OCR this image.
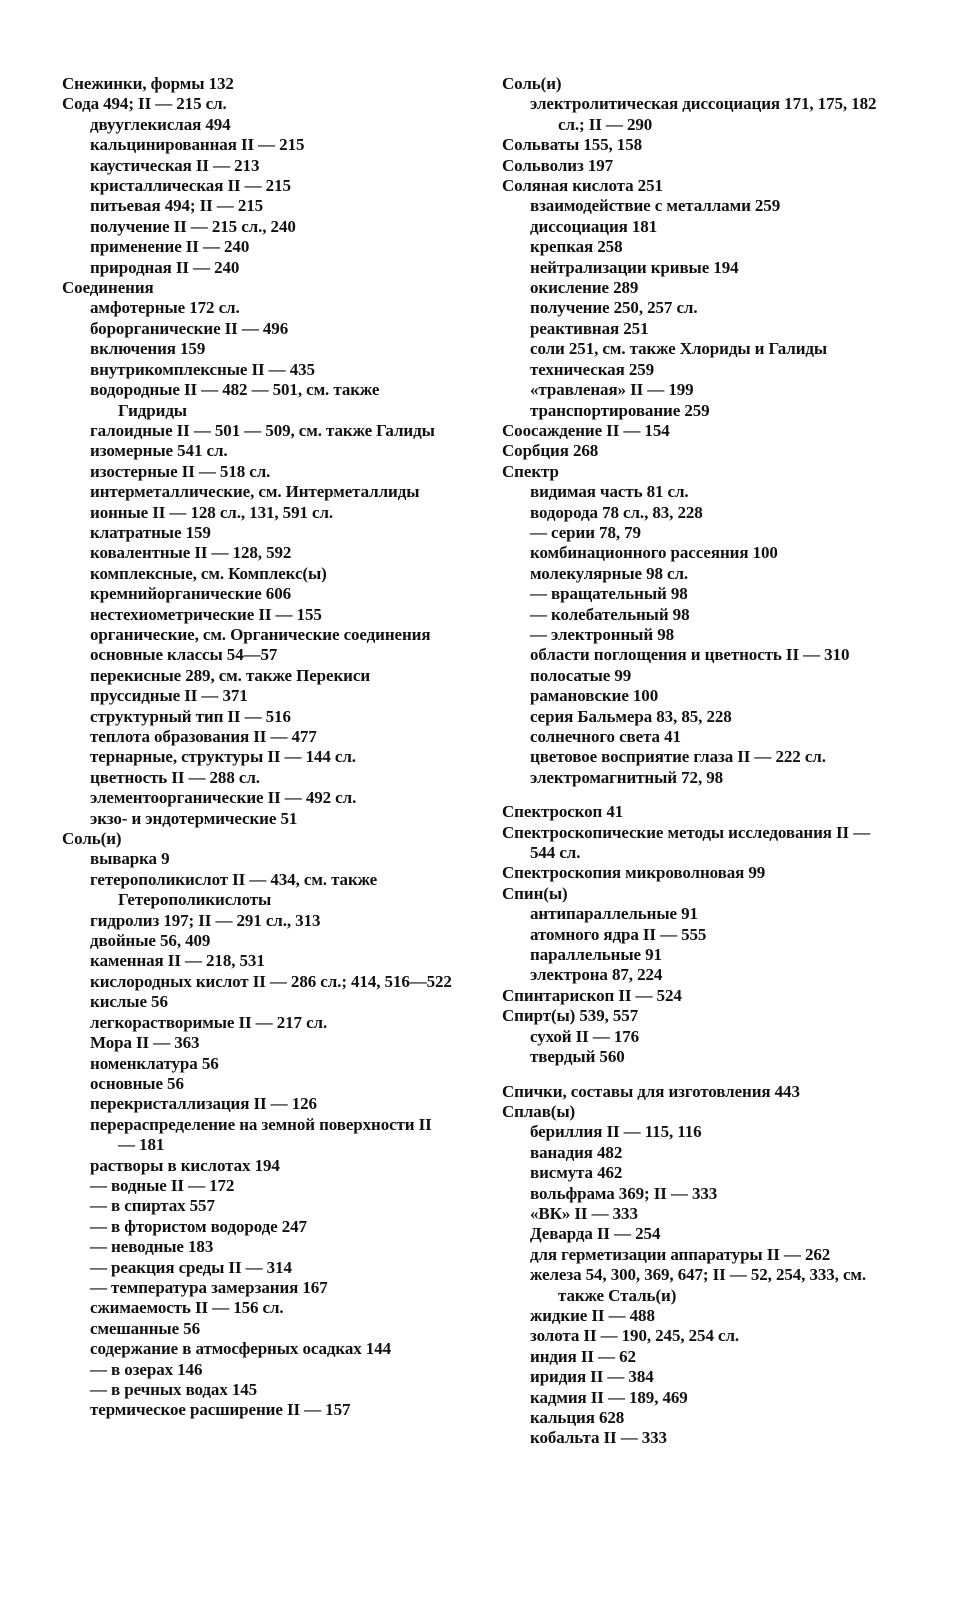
Снежинки, формы 132

Сода 494; II — 215 сл.

двууглекислая 494

кальцинированная II — 215

каустическая II — 213

кристаллическая II — 215

питьевая 494; II — 215

получение II — 215 сл., 240

применение II — 240

природная II — 240

Соединения

амфотерные 172 сл.

борорганические II — 496

включения 159

внутрикомплексные II — 435

водородные II — 482 — 501, см. также Гидриды

галоидные II — 501 — 509, см. также Галиды

изомерные 541 сл.

изостерные II — 518 сл.

интерметаллические, см. Интерметаллиды

ионные II — 128 сл., 131, 591 сл.

клатратные 159

ковалентные II — 128, 592

комплексные, см. Комплекс(ы)

кремнийорганические 606

нестехиометрические II — 155

органические, см. Органические соединения

основные классы 54—57

перекисные 289, см. также Перекиси

пруссидные II — 371

структурный тип II — 516

теплота образования II — 477

тернарные, структуры II — 144 сл.

цветность II — 288 сл.

элементоорганические II — 492 сл.

экзо- и эндотермические 51

Соль(и)

выварка 9

гетерополикислот II — 434, см. также Гетерополикислоты

гидролиз 197; II — 291 сл., 313

двойные 56, 409

каменная II — 218, 531

кислородных кислот II — 286 сл.; 414, 516—522

кислые 56

легкорастворимые II — 217 сл.

Мора II — 363

номенклатура 56

основные 56

перекристаллизация II — 126

перераспределение на земной поверхности II — 181

растворы в кислотах 194

— водные II — 172

— в спиртах 557

— в фтористом водороде 247

— неводные 183

— реакция среды II — 314

— температура замерзания 167

сжимаемость II — 156 сл.

смешанные 56

содержание в атмосферных осадках 144

— в озерах 146

— в речных водах 145

термическое расширение II — 157

Соль(и)

электролитическая диссоциация 171, 175, 182 сл.; II — 290

Сольваты 155, 158

Сольволиз 197

Соляная кислота 251

взаимодействие с металлами 259

диссоциация 181

крепкая 258

нейтрализации кривые 194

окисление 289

получение 250, 257 сл.

реактивная 251

соли 251, см. также Хлориды и Галиды

техническая 259

«травленая» II — 199

транспортирование 259

Соосаждение II — 154

Сорбция 268

Спектр

видимая часть 81 сл.

водорода 78 сл., 83, 228

— серии 78, 79

комбинационного рассеяния 100

молекулярные 98 сл.

— вращательный 98

— колебательный 98

— электронный 98

области поглощения и цветность II — 310

полосатые 99

рамановские 100

серия Бальмера 83, 85, 228

солнечного света 41

цветовое восприятие глаза II — 222 сл.

электромагнитный 72, 98

Спектроскоп 41

Спектроскопические методы исследования II — 544 сл.

Спектроскопия микроволновая 99

Спин(ы)

антипараллельные 91

атомного ядра II — 555

параллельные 91

электрона 87, 224

Спинтарископ II — 524

Спирт(ы) 539, 557

сухой II — 176

твердый 560

Спички, составы для изготовления 443

Сплав(ы)

бериллия II — 115, 116

ванадия 482

висмута 462

вольфрама 369; II — 333

«ВК» II — 333

Деварда II — 254

для герметизации аппаратуры II — 262

железа 54, 300, 369, 647; II — 52, 254, 333, см. также Сталь(и)

жидкие II — 488

золота II — 190, 245, 254 сл.

индия II — 62

иридия II — 384

кадмия II — 189, 469

кальция 628

кобальта II — 333
